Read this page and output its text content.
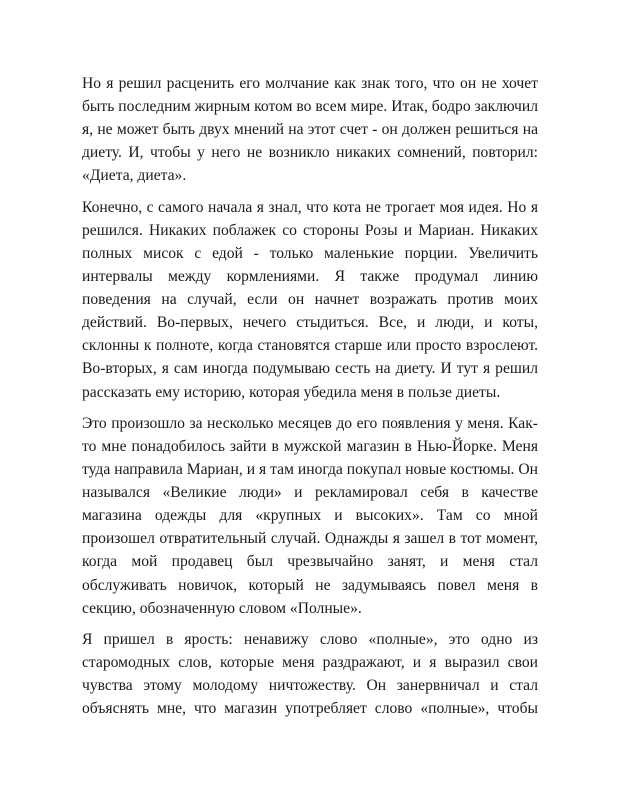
Но я решил расценить его молчание как знак того, что он не хочет быть последним жирным котом во всем мире. Итак, бодро заключил я, не может быть двух мнений на этот счет - он должен решиться на диету. И, чтобы у него не возникло никаких сомнений, повторил: «Диета, диета».

Конечно, с самого начала я знал, что кота не трогает моя идея. Но я решился. Никаких поблажек со стороны Розы и Мариан. Никаких полных мисок с едой - только маленькие порции. Увеличить интервалы между кормлениями. Я также продумал линию поведения на случай, если он начнет возражать против моих действий. Во-первых, нечего стыдиться. Все, и люди, и коты, склонны к полноте, когда становятся старше или просто взрослеют. Во-вторых, я сам иногда подумываю сесть на диету. И тут я решил рассказать ему историю, которая убедила меня в пользе диеты.

Это произошло за несколько месяцев до его появления у меня. Как-то мне понадобилось зайти в мужской магазин в Нью-Йорке. Меня туда направила Мариан, и я там иногда покупал новые костюмы. Он назывался «Великие люди» и рекламировал себя в качестве магазина одежды для «крупных и высоких». Там со мной произошел отвратительный случай. Однажды я зашел в тот момент, когда мой продавец был чрезвычайно занят, и меня стал обслуживать новичок, который не задумываясь повел меня в секцию, обозначенную словом «Полные».

Я пришел в ярость: ненавижу слово «полные», это одно из старомодных слов, которые меня раздражают, и я выразил свои чувства этому молодому ничтожеству. Он занервничал и стал объяснять мне, что магазин употребляет слово «полные», чтобы
